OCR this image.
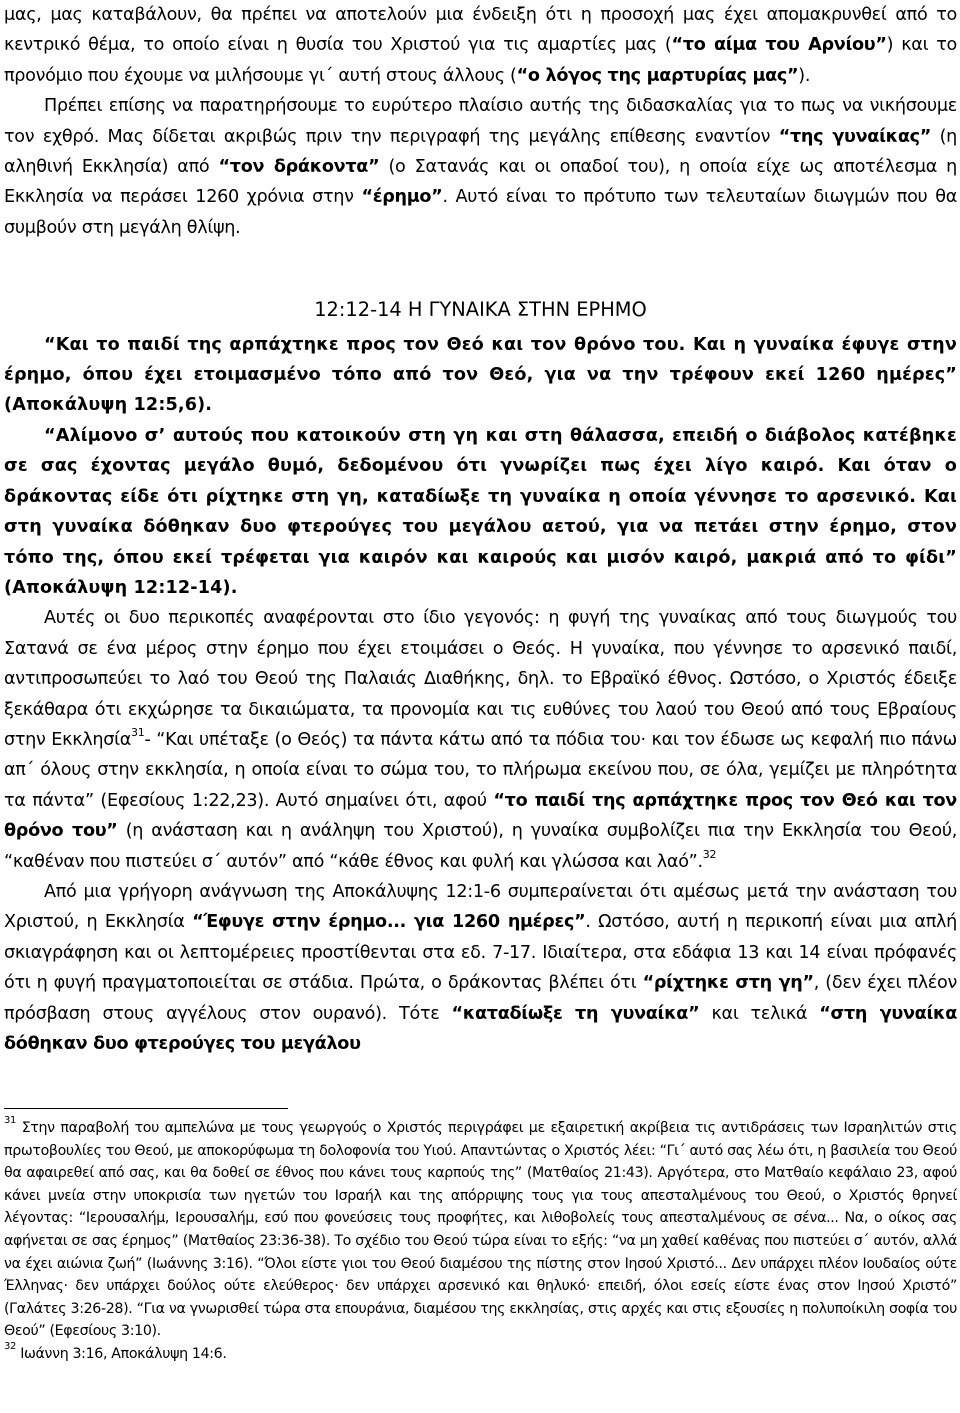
μας, μας καταβάλουν, θα πρέπει να αποτελούν μια ένδειξη ότι η προσοχή μας έχει απομακρυνθεί από το κεντρικό θέμα, το οποίο είναι η θυσία του Χριστού για τις αμαρτίες μας (“το αίμα του Αρνίου”) και το προνόμιο που έχουμε να μιλήσουμε γι΄ αυτή στους άλλους (“ο λόγος της μαρτυρίας μας”).

Πρέπει επίσης να παρατηρήσουμε το ευρύτερο πλαίσιο αυτής της διδασκαλίας για το πως να νικήσουμε τον εχθρό. Μας δίδεται ακριβώς πριν την περιγραφή της μεγάλης επίθεσης εναντίον “της γυναίκας” (η αληθινή Εκκλησία) από “τον δράκοντα” (ο Σατανάς και οι οπαδοί του), η οποία είχε ως αποτέλεσμα η Εκκλησία να περάσει 1260 χρόνια στην “έρημο”. Αυτό είναι το πρότυπο των τελευταίων διωγμών που θα συμβούν στη μεγάλη θλίψη.

12:12-14 Η ΓΥΝΑΙΚΑ ΣΤΗΝ ΕΡΗΜΟ

“Και το παιδί της αρπάχτηκε προς τον Θεό και τον θρόνο του. Και η γυναίκα έφυγε στην έρημο, όπου έχει ετοιμασμένο τόπο από τον Θεό, για να την τρέφουν εκεί 1260 ημέρες” (Αποκάλυψη 12:5,6).

“Αλίμονο σ’ αυτούς που κατοικούν στη γη και στη θάλασσα, επειδή ο διάβολος κατέβηκε σε σας έχοντας μεγάλο θυμό, δεδομένου ότι γνωρίζει πως έχει λίγο καιρό. Και όταν ο δράκοντας είδε ότι ρίχτηκε στη γη, καταδίωξε τη γυναίκα η οποία γέννησε το αρσενικό. Και στη γυναίκα δόθηκαν δυο φτερούγες του μεγάλου αετού, για να πετάει στην έρημο, στον τόπο της, όπου εκεί τρέφεται για καιρόν και καιρούς και μισόν καιρό, μακριά από το φίδι” (Αποκάλυψη 12:12-14).

Αυτές οι δυο περικοπές αναφέρονται στο ίδιο γεγονός: η φυγή της γυναίκας από τους διωγμούς του Σατανά σε ένα μέρος στην έρημο που έχει ετοιμάσει ο Θεός. Η γυναίκα, που γέννησε το αρσενικό παιδί, αντιπροσωπεύει το λαό του Θεού της Παλαιάς Διαθήκης, δηλ. το Εβραϊκό έθνος. Ωστόσο, ο Χριστός έδειξε ξεκάθαρα ότι εκχώρησε τα δικαιώματα, τα προνομία και τις ευθύνες του λαού του Θεού από τους Εβραίους στην Εκκλησία$^{31}$- “Και υπέταξε (ο Θεός) τα πάντα κάτω από τα πόδια του· και τον έδωσε ως κεφαλή πιο πάνω απ΄ όλους στην εκκλησία, η οποία είναι το σώμα του, το πλήρωμα εκείνου που, σε όλα, γεμίζει με πληρότητα τα πάντα” (Εφεσίους 1:22,23). Αυτό σημαίνει ότι, αφού “το παιδί της αρπάχτηκε προς τον Θεό και τον θρόνο του” (η ανάσταση και η ανάληψη του Χριστού), η γυναίκα συμβολίζει πια την Εκκλησία του Θεού, “καθέναν που πιστεύει σ΄ αυτόν” από “κάθε έθνος και φυλή και γλώσσα και λαό”.$^{32}$

Από μια γρήγορη ανάγνωση της Αποκάλυψης 12:1-6 συμπεραίνεται ότι αμέσως μετά την ανάσταση του Χριστού, η Εκκλησία “Έφυγε στην έρημο... για 1260 ημέρες”. Ωστόσο, αυτή η περικοπή είναι μια απλή σκιαγράφηση και οι λεπτομέρειες προστίθενται στα εδ. 7-17. Ιδιαίτερα, στα εδάφια 13 και 14 είναι πρόφανές ότι η φυγή πραγματοποιείται σε στάδια. Πρώτα, ο δράκοντας βλέπει ότι “ρίχτηκε στη γη”, (δεν έχει πλέον πρόσβαση στους αγγέλους στον ουρανό). Τότε “καταδίωξε τη γυναίκα” και τελικά “στη γυναίκα δόθηκαν δυο φτερούγες του μεγάλου

$^{31}$ Στην παραβολή του αμπελώνα με τους γεωργούς ο Χριστός περιγράφει με εξαιρετική ακρίβεια τις αντιδράσεις των Ισραηλιτών στις πρωτοβουλίες του Θεού, με αποκορύφωμα τη δολοφονία του Υιού. Απαντώντας ο Χριστός λέει: “Γι΄ αυτό σας λέω ότι, η βασιλεία του Θεού θα αφαιρεθεί από σας, και θα δοθεί σε έθνος που κάνει τους καρπούς της” (Ματθαίος 21:43). Αργότερα, στο Ματθαίο κεφάλαιο 23, αφού κάνει μνεία στην υποκρισία των ηγετών του Ισραήλ και της απόρριψης τους για τους απεσταλμένους του Θεού, ο Χριστός θρηνεί λέγοντας: “Ιερουσαλήμ, Ιερουσαλήμ, εσύ που φονεύσεις τους προφήτες, και λιθοβολείς τους απεσταλμένους σε σένα... Να, ο οίκος σας αφήνεται σε σας έρημος” (Ματθαίος 23:36-38). Το σχέδιο του Θεού τώρα είναι το εξής: “να μη χαθεί καθένας που πιστεύει σ΄ αυτόν, αλλά να έχει αιώνια ζωή” (Ιωάννης 3:16). “Όλοι είστε γιοι του Θεού διαμέσου της πίστης στον Ιησού Χριστό... Δεν υπάρχει πλέον Ιουδαίος ούτε Έλληνας· δεν υπάρχει δούλος ούτε ελεύθερος· δεν υπάρχει αρσενικό και θηλυκό· επειδή, όλοι εσείς είστε ένας στον Ιησού Χριστό” (Γαλάτες 3:26-28). “Για να γνωρισθεί τώρα στα επουράνια, διαμέσου της εκκλησίας, στις αρχές και στις εξουσίες η πολυποίκιλη σοφία του Θεού” (Εφεσίους 3:10).

$^{32}$ Ιωάννη 3:16, Αποκάλυψη 14:6.
